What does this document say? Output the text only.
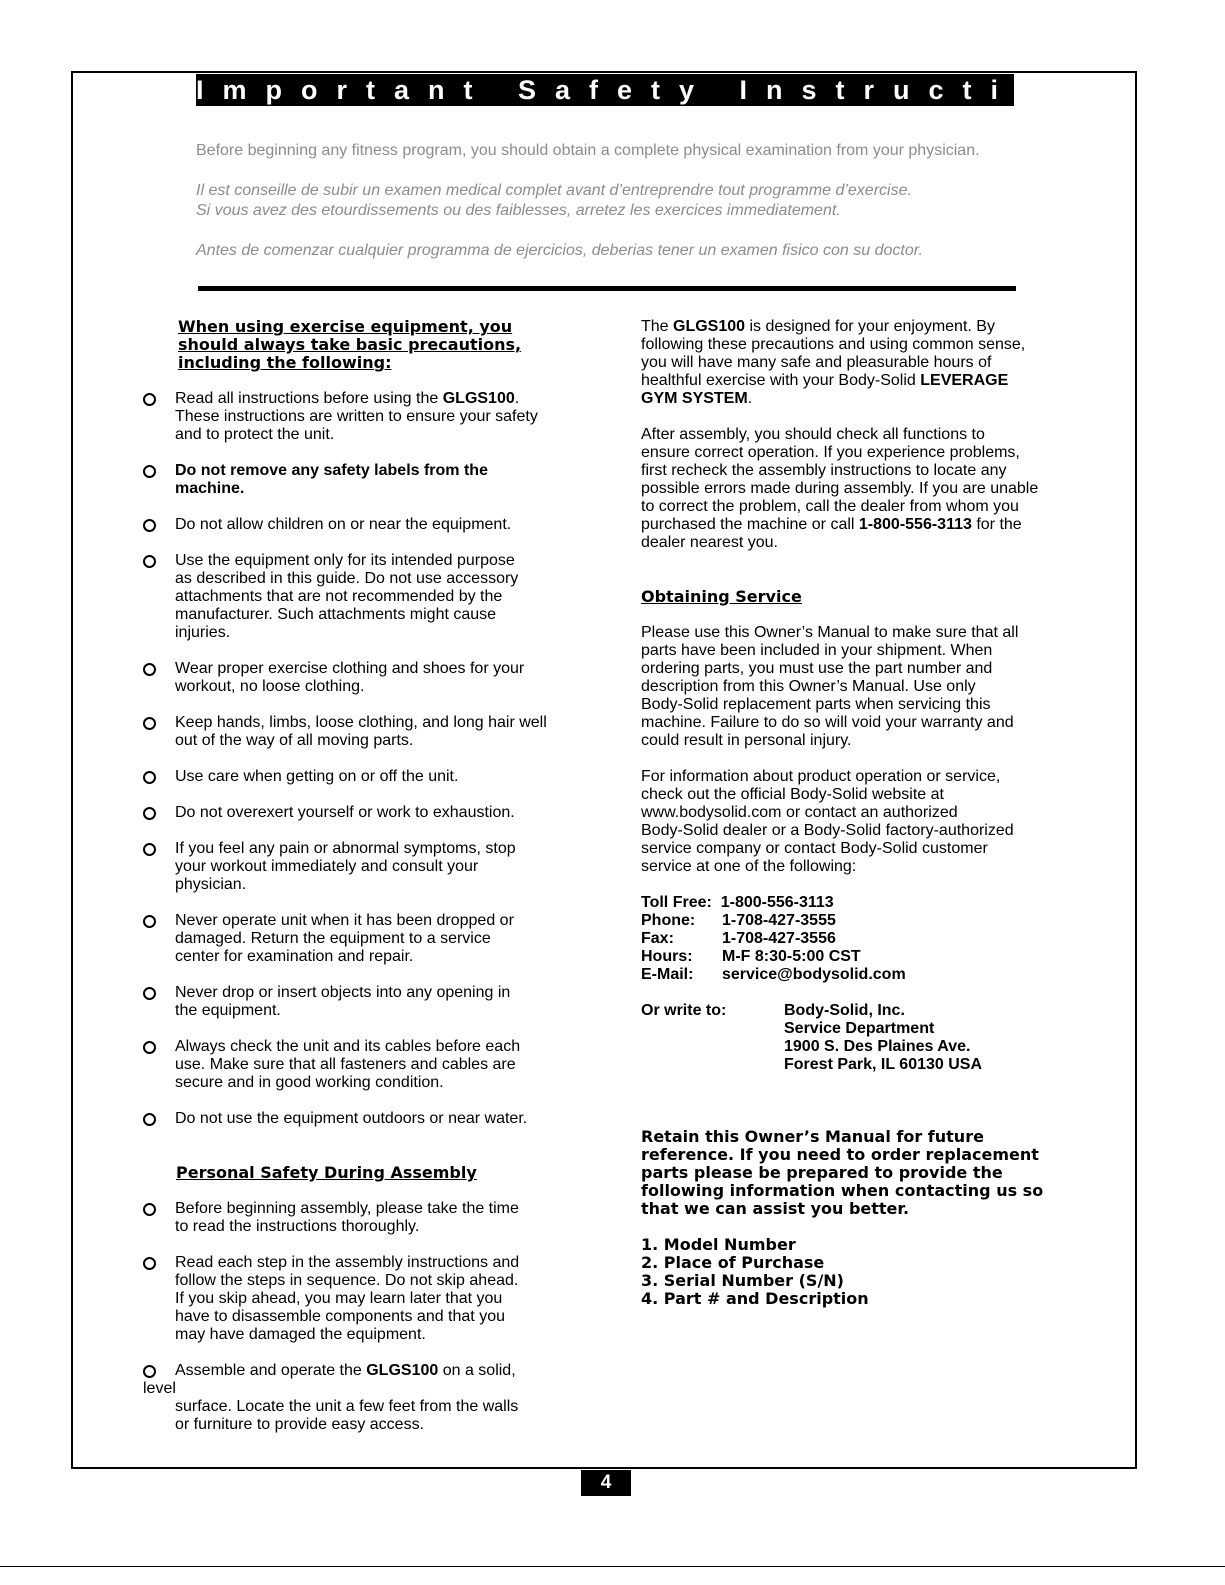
Important Safety Instructions

Before beginning any fitness program, you should obtain a complete physical examination from your physician.

Il est conseille de subir un examen medical complet avant d’entreprendre tout programme d’exercise.
Si vous avez des etourdissements ou des faiblesses, arretez les exercices immediatement.

Antes de comenzar cualquier programma de ejercicios, deberias tener un examen fisico con su doctor.

When using exercise equipment, you
should always take basic precautions,
including the following:
Read all instructions before using the GLGS100.
These instructions are written to ensure your safety
and to protect the unit.
Do not remove any safety labels from the
machine.
Do not allow children on or near the equipment.
Use the equipment only for its intended purpose
as described in this guide. Do not use accessory
attachments that are not recommended by the
manufacturer. Such attachments might cause
injuries.
Wear proper exercise clothing and shoes for your
workout, no loose clothing.
Keep hands, limbs, loose clothing, and long hair well
out of the way of all moving parts.
Use care when getting on or off the unit.
Do not overexert yourself or work to exhaustion.
If you feel any pain or abnormal symptoms, stop
your workout immediately and consult your
physician.
Never operate unit when it has been dropped or
damaged. Return the equipment to a service
center for examination and repair.
Never drop or insert objects into any opening in
the equipment.
Always check the unit and its cables before each
use. Make sure that all fasteners and cables are
secure and in good working condition.
Do not use the equipment outdoors or near water.
Personal Safety During Assembly
Before beginning assembly, please take the time
to read the instructions thoroughly.
Read each step in the assembly instructions and
follow the steps in sequence. Do not skip ahead.
If you skip ahead, you may learn later that you
have to disassemble components and that you
may have damaged the equipment.
Assemble and operate the GLGS100 on a solid,
level
surface. Locate the unit a few feet from the walls
or furniture to provide easy access.
The GLGS100 is designed for your enjoyment. By
following these precautions and using common sense,
you will have many safe and pleasurable hours of
healthful exercise with your Body-Solid LEVERAGE
GYM SYSTEM.
After assembly, you should check all functions to
ensure correct operation. If you experience problems,
first recheck the assembly instructions to locate any
possible errors made during assembly. If you are unable
to correct the problem, call the dealer from whom you
purchased the machine or call 1-800-556-3113 for the
dealer nearest you.
Obtaining Service
Please use this Owner’s Manual to make sure that all
parts have been included in your shipment. When
ordering parts, you must use the part number and
description from this Owner’s Manual. Use only
Body-Solid replacement parts when servicing this
machine. Failure to do so will void your warranty and
could result in personal injury.
For information about product operation or service,
check out the official Body-Solid website at
www.bodysolid.com or contact an authorized
Body-Solid dealer or a Body-Solid factory-authorized
service company or contact Body-Solid customer
service at one of the following:
Toll Free:  1-800-556-3113
Phone:	1-708-427-3555
Fax:	1-708-427-3556
Hours:	M-F 8:30-5:00 CST
E-Mail:	service@bodysolid.com
Or write to:	Body-Solid, Inc.
Service Department
1900 S. Des Plaines Ave.
Forest Park, IL 60130 USA
Retain this Owner’s Manual for future
reference. If you need to order replacement
parts please be prepared to provide the
following information when contacting us so
that we can assist you better.
1. Model Number
2. Place of Purchase
3. Serial Number (S/N)
4. Part # and Description
4
